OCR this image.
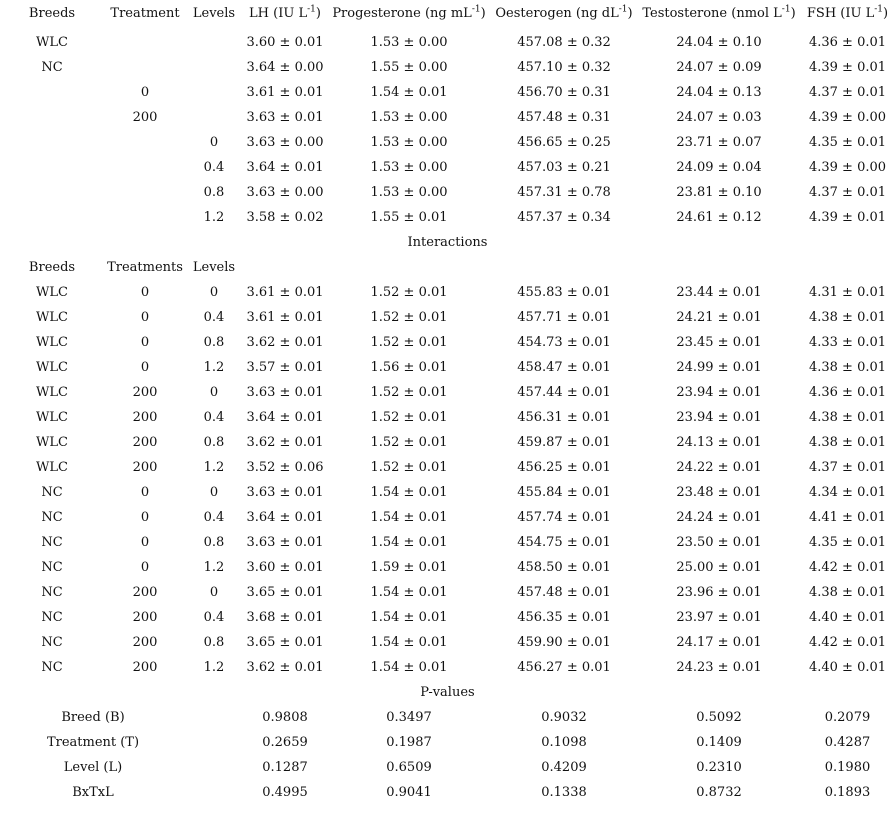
Breeds	Treatment	Levels	LH (IU $L^{-1}$)	Progesterone (ng $mL^{-1}$)	Oesterogen (ng $dL^{-1}$)	Testosterone (nmol $L^{-1}$)	FSH (IU $L^{-1}$)
WLC			3.60 ± 0.01	1.53 ± 0.00	457.08 ± 0.32	24.04 ± 0.10	4.36 ± 0.01
NC			3.64 ± 0.00	1.55 ± 0.00	457.10 ± 0.32	24.07 ± 0.09	4.39 ± 0.01
	0		3.61 ± 0.01	1.54 ± 0.01	456.70 ± 0.31	24.04 ± 0.13	4.37 ± 0.01
	200		3.63 ± 0.01	1.53 ± 0.00	457.48 ± 0.31	24.07 ± 0.03	4.39 ± 0.00
		0	3.63 ± 0.00	1.53 ± 0.00	456.65 ± 0.25	23.71 ± 0.07	4.35 ± 0.01
		0.4	3.64 ± 0.01	1.53 ± 0.00	457.03 ± 0.21	24.09 ± 0.04	4.39 ± 0.00
		0.8	3.63 ± 0.00	1.53 ± 0.00	457.31 ± 0.78	23.81 ± 0.10	4.37 ± 0.01
		1.2	3.58 ± 0.02	1.55 ± 0.01	457.37 ± 0.34	24.61 ± 0.12	4.39 ± 0.01
Interactions							
Breeds	Treatments	Levels					
WLC	0	0	3.61 ± 0.01	1.52 ± 0.01	455.83 ± 0.01	23.44 ± 0.01	4.31 ± 0.01
WLC	0	0.4	3.61 ± 0.01	1.52 ± 0.01	457.71 ± 0.01	24.21 ± 0.01	4.38 ± 0.01
WLC	0	0.8	3.62 ± 0.01	1.52 ± 0.01	454.73 ± 0.01	23.45 ± 0.01	4.33 ± 0.01
WLC	0	1.2	3.57 ± 0.01	1.56 ± 0.01	458.47 ± 0.01	24.99 ± 0.01	4.38 ± 0.01
WLC	200	0	3.63 ± 0.01	1.52 ± 0.01	457.44 ± 0.01	23.94 ± 0.01	4.36 ± 0.01
WLC	200	0.4	3.64 ± 0.01	1.52 ± 0.01	456.31 ± 0.01	23.94 ± 0.01	4.38 ± 0.01
WLC	200	0.8	3.62 ± 0.01	1.52 ± 0.01	459.87 ± 0.01	24.13 ± 0.01	4.38 ± 0.01
WLC	200	1.2	3.52 ± 0.06	1.52 ± 0.01	456.25 ± 0.01	24.22 ± 0.01	4.37 ± 0.01
NC	0	0	3.63 ± 0.01	1.54 ± 0.01	455.84 ± 0.01	23.48 ± 0.01	4.34 ± 0.01
NC	0	0.4	3.64 ± 0.01	1.54 ± 0.01	457.74 ± 0.01	24.24 ± 0.01	4.41 ± 0.01
NC	0	0.8	3.63 ± 0.01	1.54 ± 0.01	454.75 ± 0.01	23.50 ± 0.01	4.35 ± 0.01
NC	0	1.2	3.60 ± 0.01	1.59 ± 0.01	458.50 ± 0.01	25.00 ± 0.01	4.42 ± 0.01
NC	200	0	3.65 ± 0.01	1.54 ± 0.01	457.48 ± 0.01	23.96 ± 0.01	4.38 ± 0.01
NC	200	0.4	3.68 ± 0.01	1.54 ± 0.01	456.35 ± 0.01	23.97 ± 0.01	4.40 ± 0.01
NC	200	0.8	3.65 ± 0.01	1.54 ± 0.01	459.90 ± 0.01	24.17 ± 0.01	4.42 ± 0.01
NC	200	1.2	3.62 ± 0.01	1.54 ± 0.01	456.27 ± 0.01	24.23 ± 0.01	4.40 ± 0.01
P-values							
Breed (B)			0.9808	0.3497	0.9032	0.5092	0.2079
Treatment (T)			0.2659	0.1987	0.1098	0.1409	0.4287
Level (L)			0.1287	0.6509	0.4209	0.2310	0.1980
BxTxL			0.4995	0.9041	0.1338	0.8732	0.1893
